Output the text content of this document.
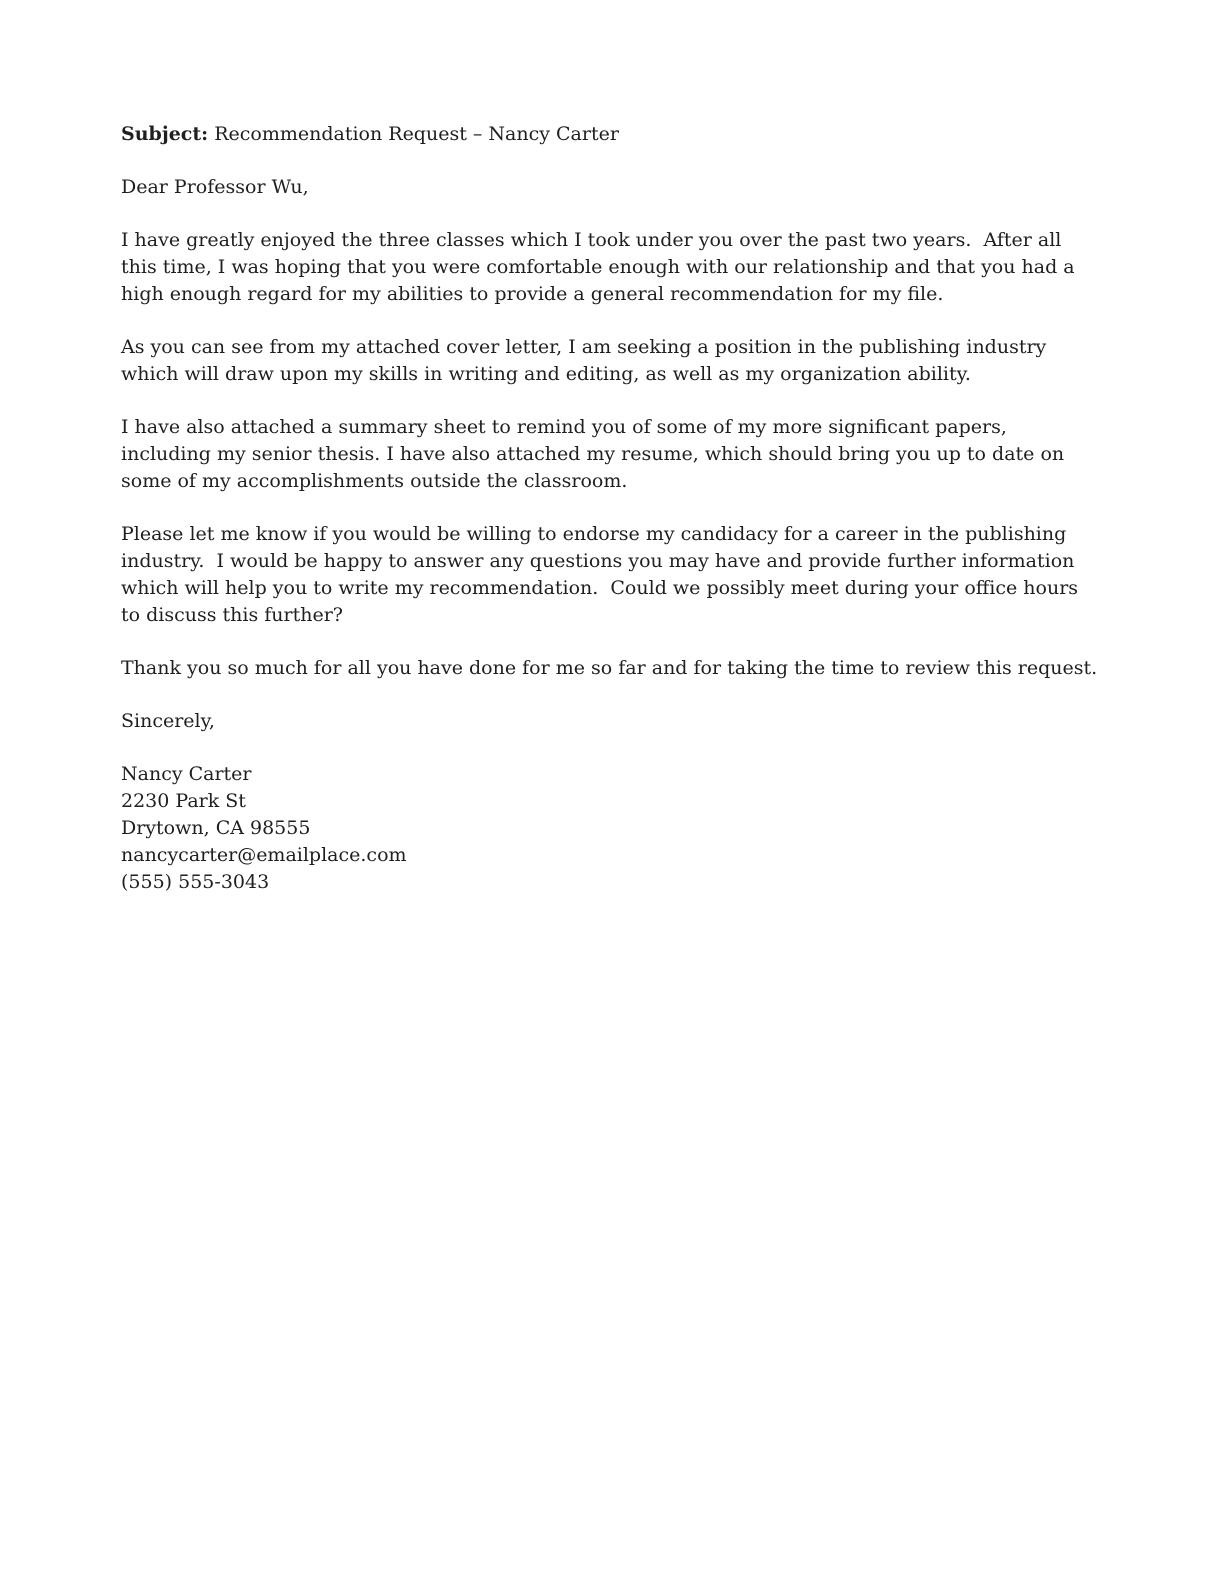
Subject: Recommendation Request – Nancy Carter

Dear Professor Wu,

I have greatly enjoyed the three classes which I took under you over the past two years.  After all this time, I was hoping that you were comfortable enough with our relationship and that you had a high enough regard for my abilities to provide a general recommendation for my file.

As you can see from my attached cover letter, I am seeking a position in the publishing industry which will draw upon my skills in writing and editing, as well as my organization ability.

I have also attached a summary sheet to remind you of some of my more significant papers, including my senior thesis. I have also attached my resume, which should bring you up to date on some of my accomplishments outside the classroom.

Please let me know if you would be willing to endorse my candidacy for a career in the publishing industry.  I would be happy to answer any questions you may have and provide further information which will help you to write my recommendation.  Could we possibly meet during your office hours to discuss this further?

Thank you so much for all you have done for me so far and for taking the time to review this request.

Sincerely,

Nancy Carter

2230 Park St

Drytown, CA 98555

nancycarter@emailplace.com

(555) 555-3043
